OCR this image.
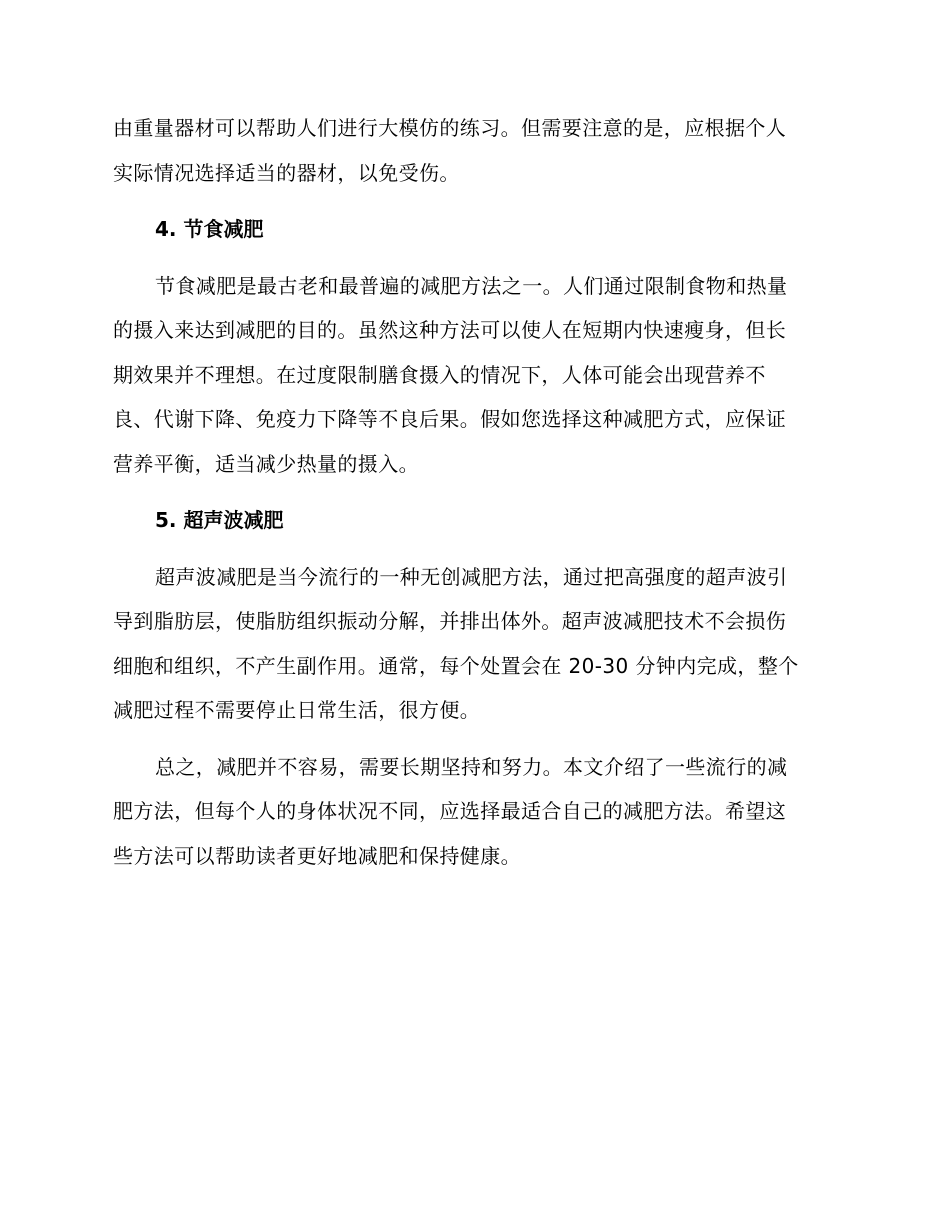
由重量器材可以帮助人们进行大模仿的练习。但需要注意的是，应根据个人
实际情况选择适当的器材，以免受伤。

4. 节食减肥

节食减肥是最古老和最普遍的减肥方法之一。人们通过限制食物和热量
的摄入来达到减肥的目的。虽然这种方法可以使人在短期内快速瘦身，但长
期效果并不理想。在过度限制膳食摄入的情况下，人体可能会出现营养不
良、代谢下降、免疫力下降等不良后果。假如您选择这种减肥方式，应保证
营养平衡，适当减少热量的摄入。

5. 超声波减肥

超声波减肥是当今流行的一种无创减肥方法，通过把高强度的超声波引
导到脂肪层，使脂肪组织振动分解，并排出体外。超声波减肥技术不会损伤
细胞和组织，不产生副作用。通常，每个处置会在 20-30 分钟内完成，整个
减肥过程不需要停止日常生活，很方便。

总之，减肥并不容易，需要长期坚持和努力。本文介绍了一些流行的减
肥方法，但每个人的身体状况不同，应选择最适合自己的减肥方法。希望这
些方法可以帮助读者更好地减肥和保持健康。
